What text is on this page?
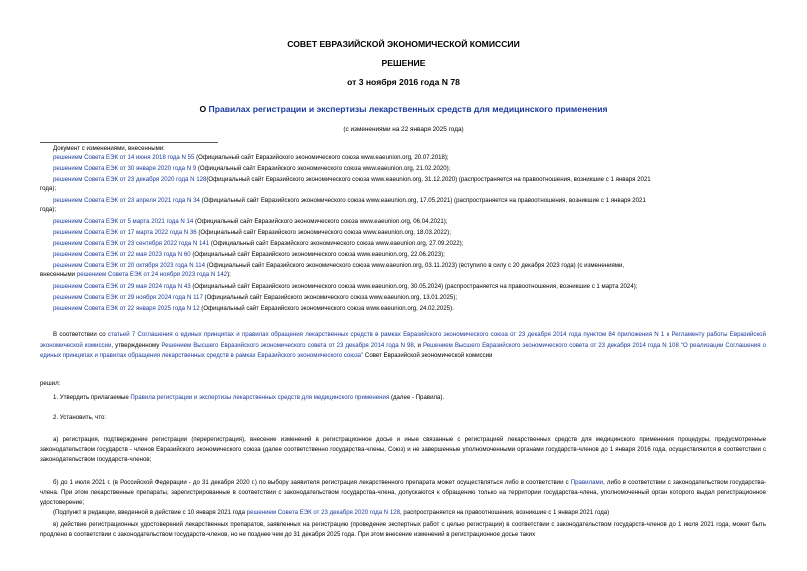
СОВЕТ ЕВРАЗИЙСКОЙ ЭКОНОМИЧЕСКОЙ КОМИССИИ
РЕШЕНИЕ
от 3 ноября 2016 года N 78
О Правилах регистрации и экспертизы лекарственных средств для медицинского применения
(с изменениями на 22 января 2025 года)
Документ с изменениями, внесенными:
решением Совета ЕЭК от 14 июня 2018 года N 55 (Официальный сайт Евразийского экономического союза www.eaeunion.org, 20.07.2018);
решением Совета ЕЭК от 30 января 2020 года N 9 (Официальный сайт Евразийского экономического союза www.eaeunion.org, 21.02.2020);
решением Совета ЕЭК от 23 декабря 2020 года N 128(Официальный сайт Евразийского экономического союза www.eaeunion.org, 31.12.2020) (распространяется на правоотношения, возникшие с 1 января 2021
года);
решением Совета ЕЭК от 23 апреля 2021 года N 34 (Официальный сайт Евразийского экономического союза www.eaeunion.org, 17.05.2021) (распространяется на правоотношения, возникшие с 1 января 2021
года);
решением Совета ЕЭК от 5 марта 2021 года N 14 (Официальный сайт Евразийского экономического союза www.eaeunion.org, 06.04.2021);
решением Совета ЕЭК от 17 марта 2022 года N 36 (Официальный сайт Евразийского экономического союза www.eaeunion.org, 18.03.2022);
решением Совета ЕЭК от 23 сентября 2022 года N 141 (Официальный сайт Евразийского экономического союза www.eaeunion.org, 27.09.2022);
решением Совета ЕЭК от 22 мая 2023 года N 60 (Официальный сайт Евразийского экономического союза www.eaeunion.org, 22.06.2023);
решением Совета ЕЭК от 20 октября 2023 года N 114 (Официальный сайт Евразийского экономического союза www.eaeunion.org, 03.11.2023) (вступило в силу с 20 декабря 2023 года) (с изменениями,
внесенными решением Совета ЕЭК от 24 ноября 2023 года N 142);
решением Совета ЕЭК от 29 мая 2024 года N 43 (Официальный сайт Евразийского экономического союза www.eaeunion.org, 30.05.2024) (распространяется на правоотношения, возникшие с 1 марта 2024);
решением Совета ЕЭК от 29 ноября 2024 года N 117 (Официальный сайт Евразийского экономического союза www.eaeunion.org, 13.01.2025);
решением Совета ЕЭК от 22 января 2025 года N 12 (Официальный сайт Евразийского экономического союза www.eaeunion.org, 24.02.2025).
В соответствии со статьей 7 Соглашения о единых принципах и правилах обращения лекарственных средств в рамках Евразийского экономического союза от 23 декабря 2014 года пунктом 84 приложения N 1 к Регламенту работы Евразийской экономической комиссии, утвержденному Решением Высшего Евразийского экономического совета от 23 декабря 2014 года N 98, и Решением Высшего Евразийского экономического совета от 23 декабря 2014 года N 108 "О реализации Соглашения о единых принципах и правилах обращения лекарственных средств в рамках Евразийского экономического союза" Совет Евразийской экономической комиссии
решил:
1. Утвердить прилагаемые Правила регистрации и экспертизы лекарственных средств для медицинского применения (далее - Правила).
2. Установить, что:
а) регистрация, подтверждение регистрации (перерегистрация), внесение изменений в регистрационное досье и иные связанные с регистрацией лекарственных средств для медицинского применения процедуры, предусмотренные законодательством государств - членов Евразийского экономического союза (далее соответственно государства-члены, Союз) и не завершенные уполномоченными органами государств-членов до 1 января 2016 года, осуществляются в соответствии с законодательством государств-членов;
б) до 1 июля 2021 г. (в Российской Федерации - до 31 декабря 2020 г.) по выбору заявителя регистрация лекарственного препарата может осуществляться либо в соответствии с Правилами, либо в соответствии с законодательством государства-члена. При этом лекарственные препараты, зарегистрированные в соответствии с законодательством государства-члена, допускаются к обращению только на территории государства-члена, уполномоченный орган которого выдал регистрационное удостоверение;
(Подпункт в редакции, введенной в действие с 10 января 2021 года решением Совета ЕЭК от 23 декабря 2020 года N 128, распространяется на правоотношения, возникшие с 1 января 2021 года)
в) действие регистрационных удостоверений лекарственных препаратов, заявленных на регистрацию (проведение экспертных работ с целью регистрации) в соответствии с законодательством государств-членов до 1 июля 2021 года, может быть продлено в соответствии с законодательством государств-членов, но не позднее чем до 31 декабря 2025 года. При этом внесение изменений в регистрационное досье таких
